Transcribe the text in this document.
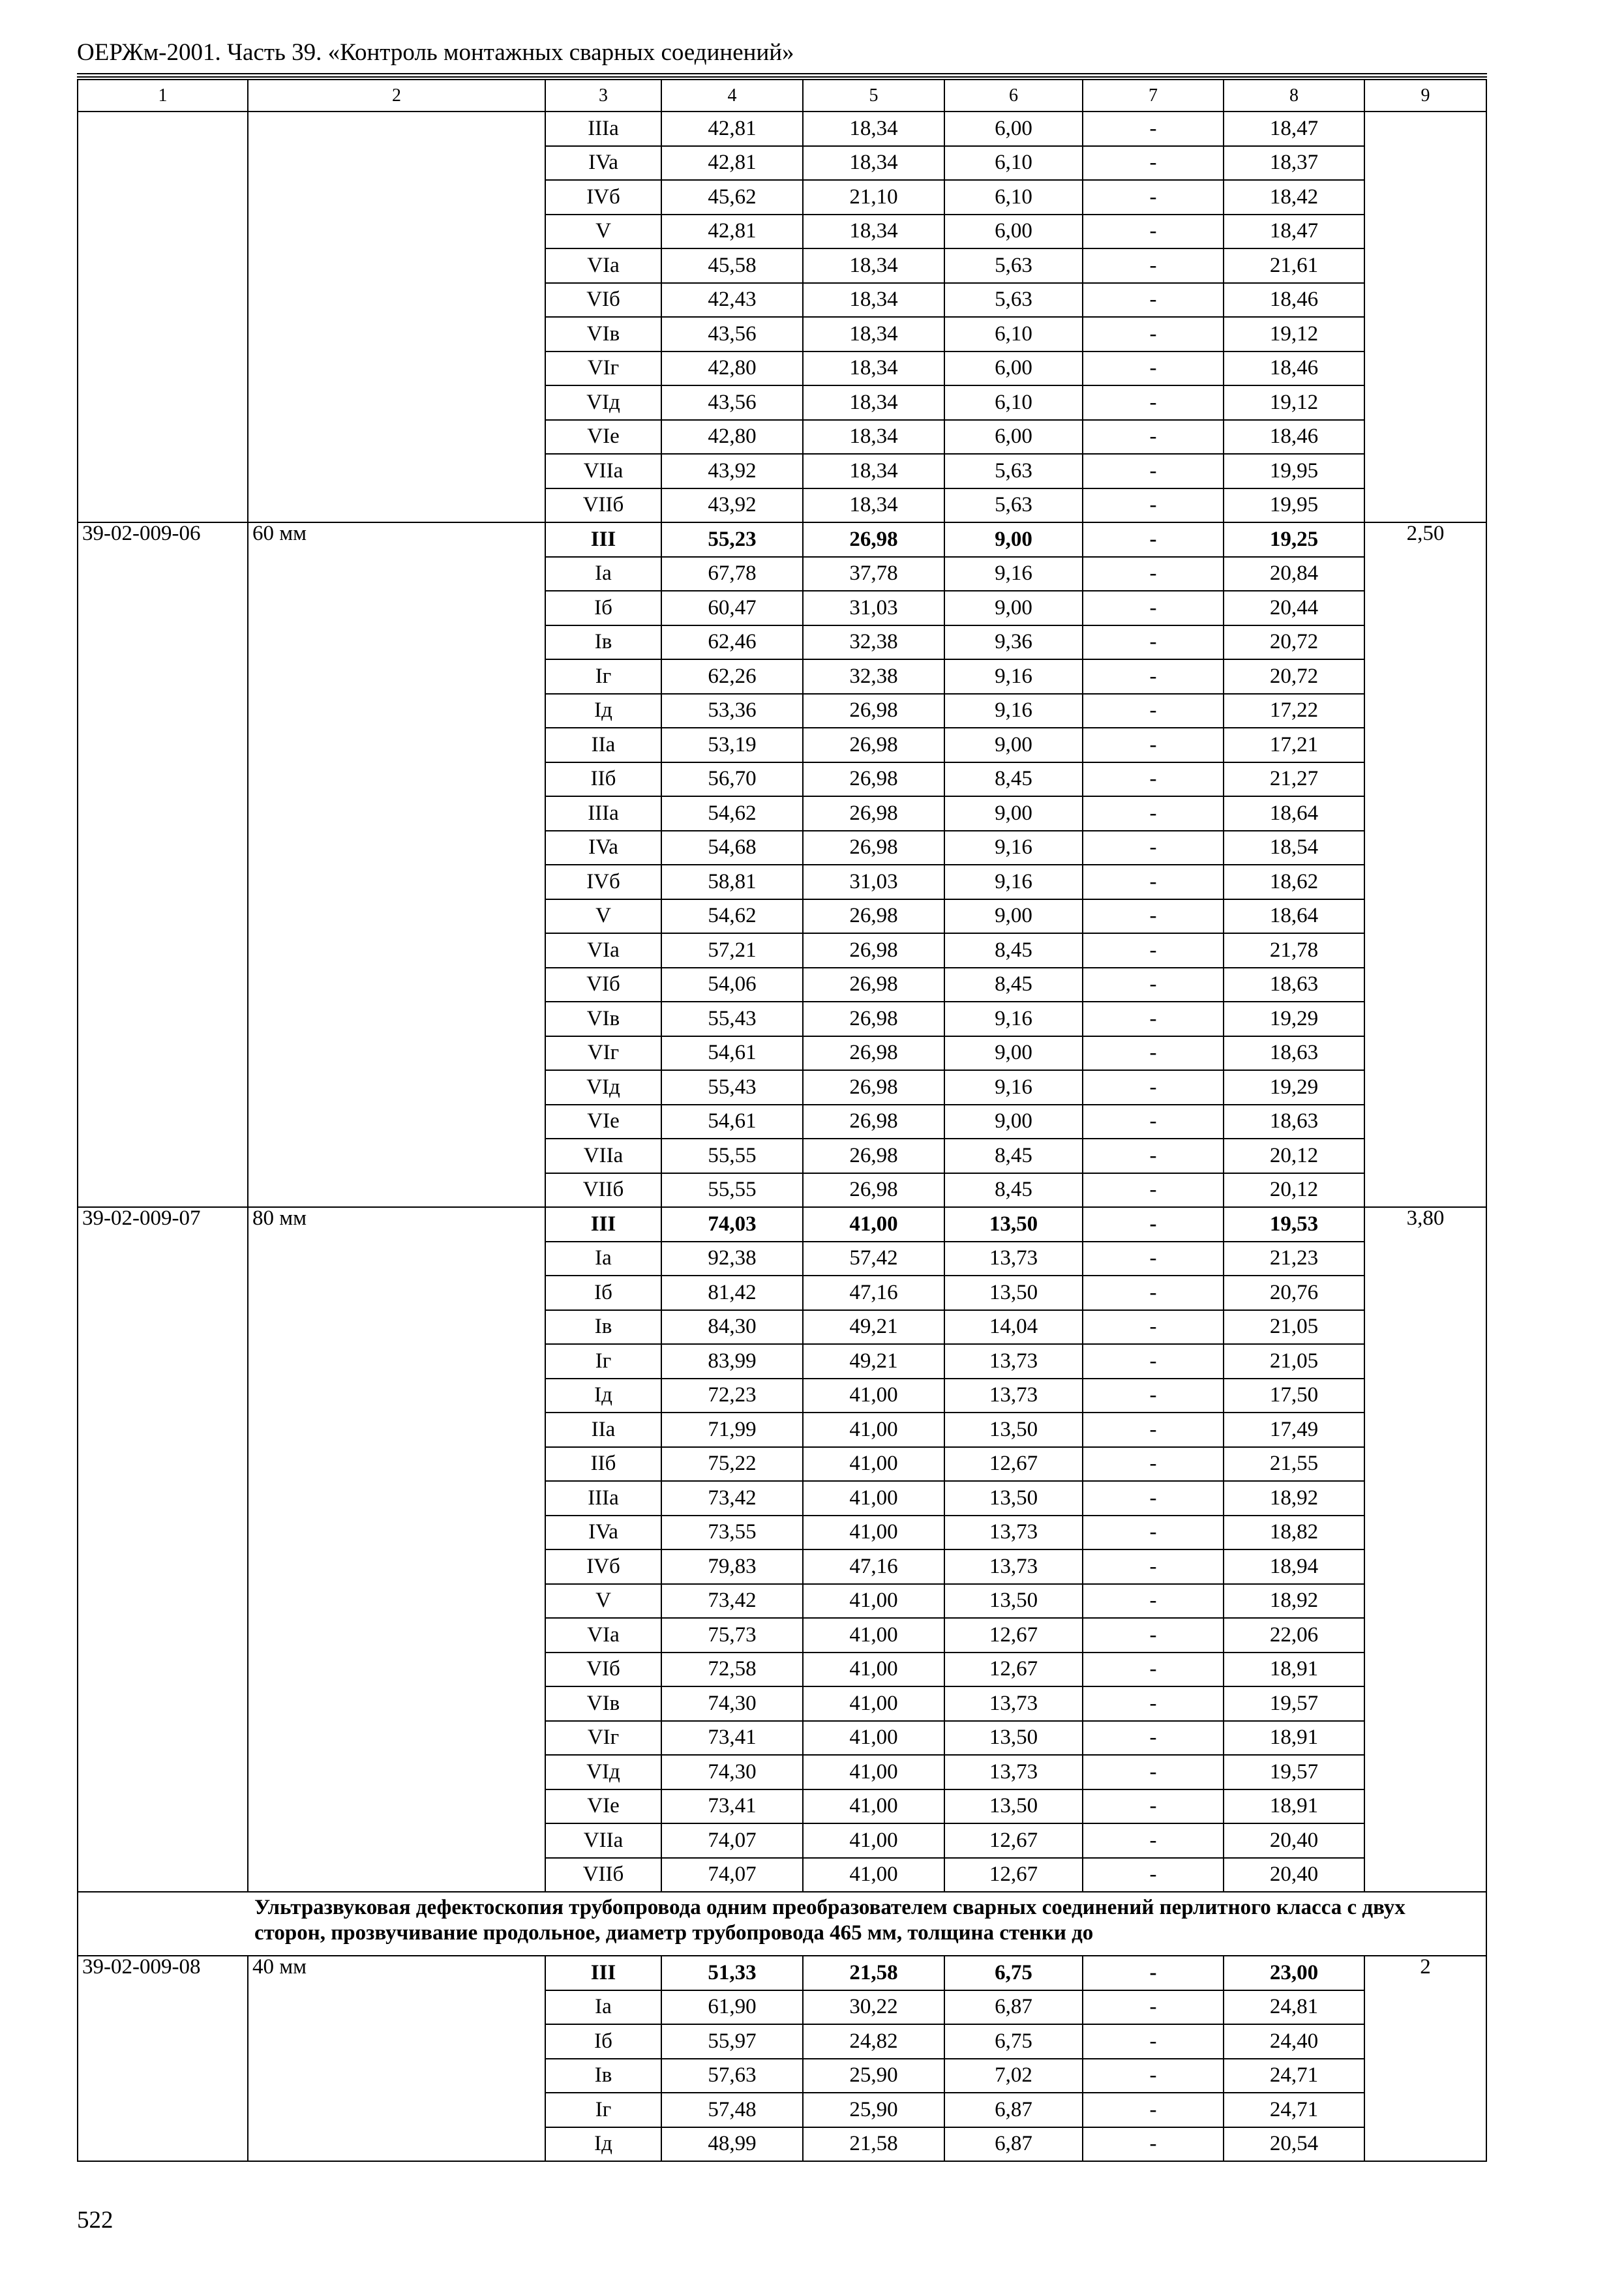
ОЕРЖм-2001. Часть 39. «Контроль монтажных сварных соединений»
1	2	3	4	5	6	7	8	9
		IIIa	42,81	18,34	6,00	-	18,47	
		IVa	42,81	18,34	6,10	-	18,37	
		IVб	45,62	21,10	6,10	-	18,42	
		V	42,81	18,34	6,00	-	18,47	
		VIa	45,58	18,34	5,63	-	21,61	
		VIб	42,43	18,34	5,63	-	18,46	
		VIв	43,56	18,34	6,10	-	19,12	
		VIг	42,80	18,34	6,00	-	18,46	
		VIд	43,56	18,34	6,10	-	19,12	
		VIe	42,80	18,34	6,00	-	18,46	
		VIIa	43,92	18,34	5,63	-	19,95	
		VIIб	43,92	18,34	5,63	-	19,95	
39-02-009-06	60 мм	III	55,23	26,98	9,00	-	19,25	2,50
		Ia	67,78	37,78	9,16	-	20,84	
		Iб	60,47	31,03	9,00	-	20,44	
		Iв	62,46	32,38	9,36	-	20,72	
		Iг	62,26	32,38	9,16	-	20,72	
		Iд	53,36	26,98	9,16	-	17,22	
		IIa	53,19	26,98	9,00	-	17,21	
		IIб	56,70	26,98	8,45	-	21,27	
		IIIa	54,62	26,98	9,00	-	18,64	
		IVa	54,68	26,98	9,16	-	18,54	
		IVб	58,81	31,03	9,16	-	18,62	
		V	54,62	26,98	9,00	-	18,64	
		VIa	57,21	26,98	8,45	-	21,78	
		VIб	54,06	26,98	8,45	-	18,63	
		VIв	55,43	26,98	9,16	-	19,29	
		VIг	54,61	26,98	9,00	-	18,63	
		VIд	55,43	26,98	9,16	-	19,29	
		VIe	54,61	26,98	9,00	-	18,63	
		VIIa	55,55	26,98	8,45	-	20,12	
		VIIб	55,55	26,98	8,45	-	20,12	
39-02-009-07	80 мм	III	74,03	41,00	13,50	-	19,53	3,80
		Ia	92,38	57,42	13,73	-	21,23	
		Iб	81,42	47,16	13,50	-	20,76	
		Iв	84,30	49,21	14,04	-	21,05	
		Iг	83,99	49,21	13,73	-	21,05	
		Iд	72,23	41,00	13,73	-	17,50	
		IIa	71,99	41,00	13,50	-	17,49	
		IIб	75,22	41,00	12,67	-	21,55	
		IIIa	73,42	41,00	13,50	-	18,92	
		IVa	73,55	41,00	13,73	-	18,82	
		IVб	79,83	47,16	13,73	-	18,94	
		V	73,42	41,00	13,50	-	18,92	
		VIa	75,73	41,00	12,67	-	22,06	
		VIб	72,58	41,00	12,67	-	18,91	
		VIв	74,30	41,00	13,73	-	19,57	
		VIг	73,41	41,00	13,50	-	18,91	
		VIд	74,30	41,00	13,73	-	19,57	
		VIe	73,41	41,00	13,50	-	18,91	
		VIIa	74,07	41,00	12,67	-	20,40	
		VIIб	74,07	41,00	12,67	-	20,40	
	Ультразвуковая дефектоскопия трубопровода одним преобразователем сварных соединений перлитного класса с двух сторон, прозвучивание продольное, диаметр трубопровода 465 мм, толщина стенки до							
39-02-009-08	40 мм	III	51,33	21,58	6,75	-	23,00	2
		Ia	61,90	30,22	6,87	-	24,81	
		Iб	55,97	24,82	6,75	-	24,40	
		Iв	57,63	25,90	7,02	-	24,71	
		Iг	57,48	25,90	6,87	-	24,71	
		Iд	48,99	21,58	6,87	-	20,54	
522
